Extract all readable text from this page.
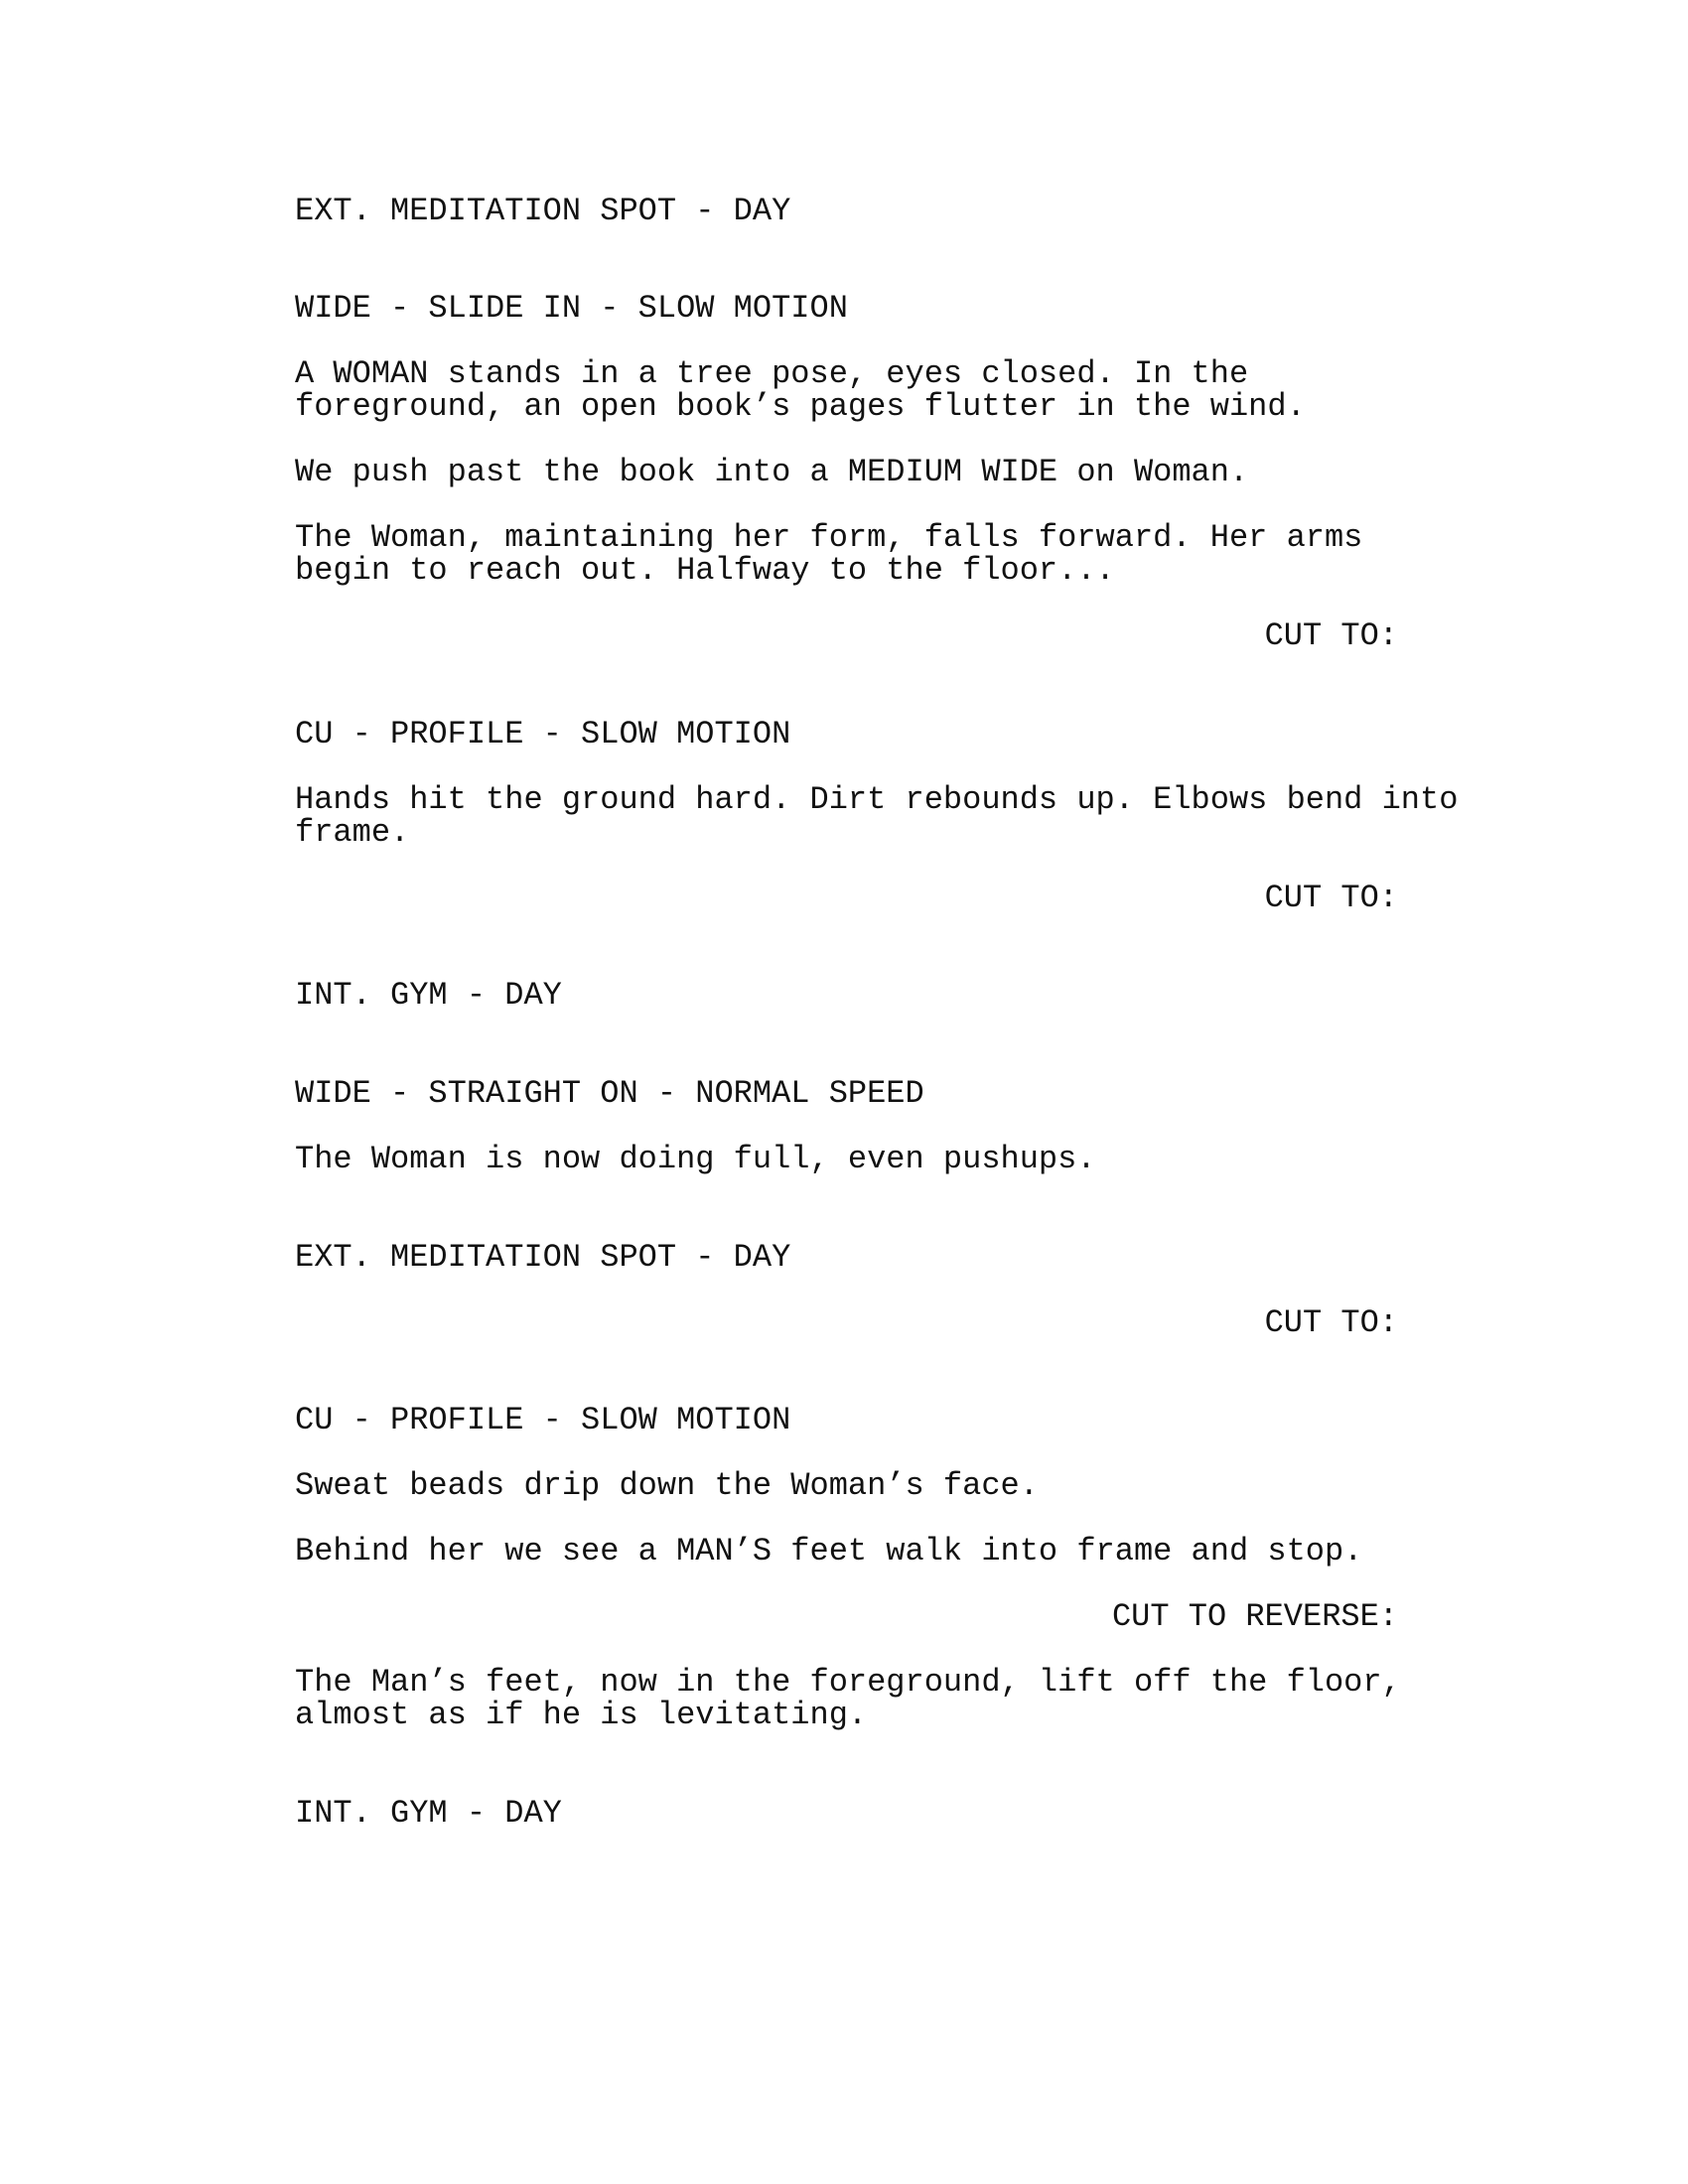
EXT. MEDITATION SPOT - DAY

WIDE - SLIDE IN - SLOW MOTION

A WOMAN stands in a tree pose, eyes closed. In the

foreground, an open book’s pages flutter in the wind.

We push past the book into a MEDIUM WIDE on Woman.

The Woman, maintaining her form, falls forward. Her arms

begin to reach out. Halfway to the floor...

CUT TO:

CU - PROFILE - SLOW MOTION

Hands hit the ground hard. Dirt rebounds up. Elbows bend into

frame.

CUT TO:

INT. GYM - DAY

WIDE - STRAIGHT ON - NORMAL SPEED

The Woman is now doing full, even pushups.

EXT. MEDITATION SPOT - DAY

CUT TO:

CU - PROFILE - SLOW MOTION

Sweat beads drip down the Woman’s face.

Behind her we see a MAN’S feet walk into frame and stop.

CUT TO REVERSE:

The Man’s feet, now in the foreground, lift off the floor,

almost as if he is levitating.

INT. GYM - DAY
